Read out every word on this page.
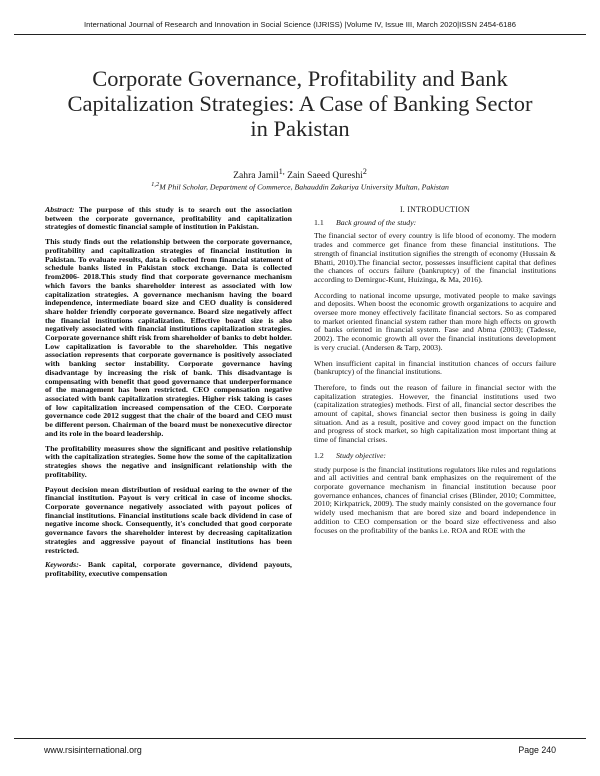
International Journal of Research and Innovation in Social Science (IJRISS) |Volume IV, Issue III, March 2020|ISSN 2454-6186
Corporate Governance, Profitability and Bank Capitalization Strategies: A Case of Banking Sector in Pakistan
Zahra Jamil$^{1,}$ Zain Saeed Qureshi$^2$
$^{1,2}$M Phil Scholar, Department of Commerce, Bahauddin Zakariya University Multan, Pakistan

Abstract: The purpose of this study is to search out the association between the corporate governance, profitability and capitalization strategies of domestic financial sample of institution in Pakistan.

This study finds out the relationship between the corporate governance, profitability and capitalization strategies of financial institution in Pakistan. To evaluate results, data is collected from financial statement of schedule banks listed in Pakistan stock exchange. Data is collected from2006- 2018.This study find that corporate governance mechanism which favors the banks shareholder interest as associated with low capitalization strategies. A governance mechanism having the board independence, intermediate board size and CEO duality is considered share holder friendly corporate governance. Board size negatively affect the financial institutions capitalization. Effective board size is also negatively associated with financial institutions capitalization strategies. Corporate governance shift risk from shareholder of banks to debt holder. Low capitalization is favorable to the shareholder. This negative association represents that corporate governance is positively associated with banking sector instability. Corporate governance having disadvantage by increasing the risk of bank. This disadvantage is compensating with benefit that good governance that underperformance of the management has been restricted. CEO compensation negative associated with bank capitalization strategies. Higher risk taking is cases of low capitalization increased compensation of the CEO. Corporate governance code 2012 suggest that the chair of the board and CEO must be different person. Chairman of the board must be nonexecutive director and its role in the board leadership.

The profitability measures show the significant and positive relationship with the capitalization strategies. Some how the some of the capitalization strategies shows the negative and insignificant relationship with the profitability.

Payout decision mean distribution of residual earing to the owner of the financial institution. Payout is very critical in case of income shocks. Corporate governance negatively associated with payout polices of financial institutions. Financial institutions scale back dividend in case of negative income shock. Consequently, it's concluded that good corporate governance favors the shareholder interest by decreasing capitalization strategies and aggressive payout of financial institutions has been restricted.

Keywords:- Bank capital, corporate governance, dividend payouts, profitability, executive compensation

I. INTRODUCTION
1.1 Back ground of the study:

The financial sector of every country is life blood of economy. The modern trades and commerce get finance from these financial institutions. The strength of financial institution signifies the strength of economy (Hussain & Bhatti, 2010).The financial sector, possesses insufficient capital that defines the chances of occurs failure (bankruptcy) of the financial institutions according to Demirguc-Kunt, Huizinga, & Ma, 2016).

According to national income upsurge, motivated people to make savings and deposits. When boost the economic growth organizations to acquire and oversee more money effectively facilitate financial sectors. So as compared to market oriented financial system rather than more high effects on growth of banks oriented in financial system. Fase and Abma (2003); (Tadesse, 2002). The economic growth all over the financial institutions development is very crucial. (Andersen & Tarp, 2003).

When insufficient capital in financial institution chances of occurs failure (bankruptcy) of the financial institutions.

Therefore, to finds out the reason of failure in financial sector with the capitalization strategies. However, the financial institutions used two (capitalization strategies) methods. First of all, financial sector describes the amount of capital, shows financial sector then business is going in daily situation. And as a result, positive and covey good impact on the function and progress of stock market, so high capitalization most important thing at time of financial crises.

1.2 Study objective:

study purpose is the financial institutions regulators like rules and regulations and all activities and central bank emphasizes on the requirement of the corporate governance mechanism in financial institution because poor governance enhances, chances of financial crises (Blinder, 2010; Committee, 2010; Kirkpatrick, 2009). The study mainly consisted on the governance four widely used mechanism that are bored size and board independence in addition to CEO compensation or the board size effectiveness and also focuses on the profitability of the banks i.e. ROA and ROE with the

www.rsisinternational.org	Page 240
